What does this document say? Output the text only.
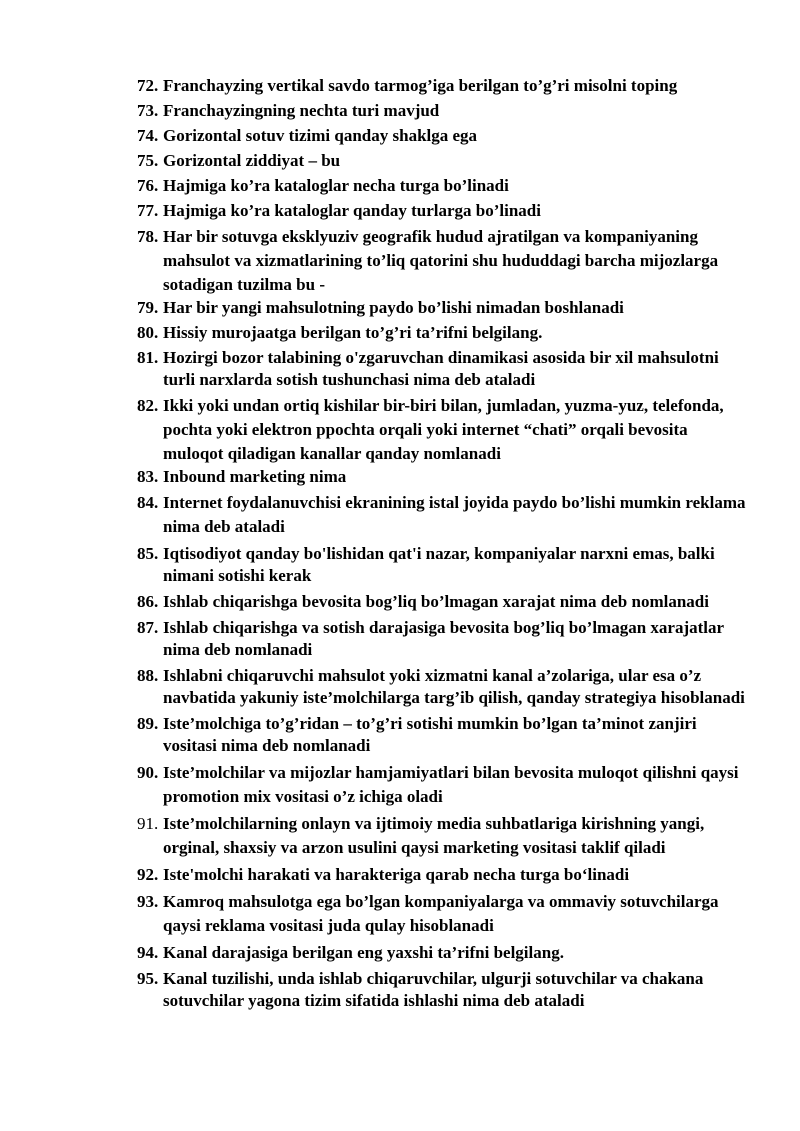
72. Franchayzing vertikal savdo tarmog’iga berilgan to’g’ri misolni toping
73. Franchayzingning nechta turi mavjud
74. Gorizontal sotuv tizimi qanday shaklga ega
75. Gorizontal ziddiyat – bu
76. Hajmiga ko’ra kataloglar necha turga bo’linadi
77. Hajmiga ko’ra kataloglar qanday turlarga bo’linadi
78. Har bir sotuvga eksklyuziv geografik hudud ajratilgan va kompaniyaning mahsulot va xizmatlarining to’liq qatorini shu hududdagi barcha mijozlarga sotadigan tuzilma bu -
79. Har bir yangi mahsulotning paydo bo’lishi nimadan boshlanadi
80. Hissiy murojaatga berilgan to’g’ri ta’rifni belgilang.
81. Hozirgi bozor talabining o'zgaruvchan dinamikasi asosida bir xil mahsulotni turli narxlarda sotish tushunchasi nima deb ataladi
82. Ikki yoki undan ortiq kishilar bir-biri bilan, jumladan, yuzma-yuz, telefonda, pochta yoki elektron ppochta orqali yoki internet “chati” orqali bevosita muloqot qiladigan kanallar qanday nomlanadi
83. Inbound marketing nima
84. Internet foydalanuvchisi ekranining istal joyida paydo bo’lishi mumkin reklama nima deb ataladi
85. Iqtisodiyot qanday bo'lishidan qat'i nazar, kompaniyalar narxni emas, balki nimani sotishi kerak
86. Ishlab chiqarishga bevosita bog’liq bo’lmagan xarajat nima deb nomlanadi
87. Ishlab chiqarishga va sotish darajasiga bevosita bog’liq bo’lmagan xarajatlar nima deb nomlanadi
88. Ishlabni chiqaruvchi mahsulot yoki xizmatni kanal a’zolariga, ular esa o’z navbatida yakuniy iste’molchilarga targ’ib qilish, qanday strategiya hisoblanadi
89. Iste’molchiga to’g’ridan – to’g’ri sotishi mumkin bo’lgan ta’minot zanjiri vositasi nima deb nomlanadi
90. Iste’molchilar va mijozlar hamjamiyatlari bilan bevosita muloqot qilishni qaysi promotion mix vositasi o’z ichiga oladi
91. Iste’molchilarning onlayn va ijtimoiy media suhbatlariga kirishning yangi, orginal, shaxsiy va arzon usulini qaysi marketing vositasi taklif qiladi
92. Iste'molchi harakati va harakteriga qarab necha turga bo‘linadi
93. Kamroq mahsulotga ega bo’lgan kompaniyalarga va ommaviy sotuvchilarga qaysi reklama vositasi juda qulay hisoblanadi
94. Kanal darajasiga berilgan eng yaxshi ta’rifni belgilang.
95. Kanal tuzilishi, unda ishlab chiqaruvchilar, ulgurji sotuvchilar va chakana sotuvchilar yagona tizim sifatida ishlashi nima deb ataladi
